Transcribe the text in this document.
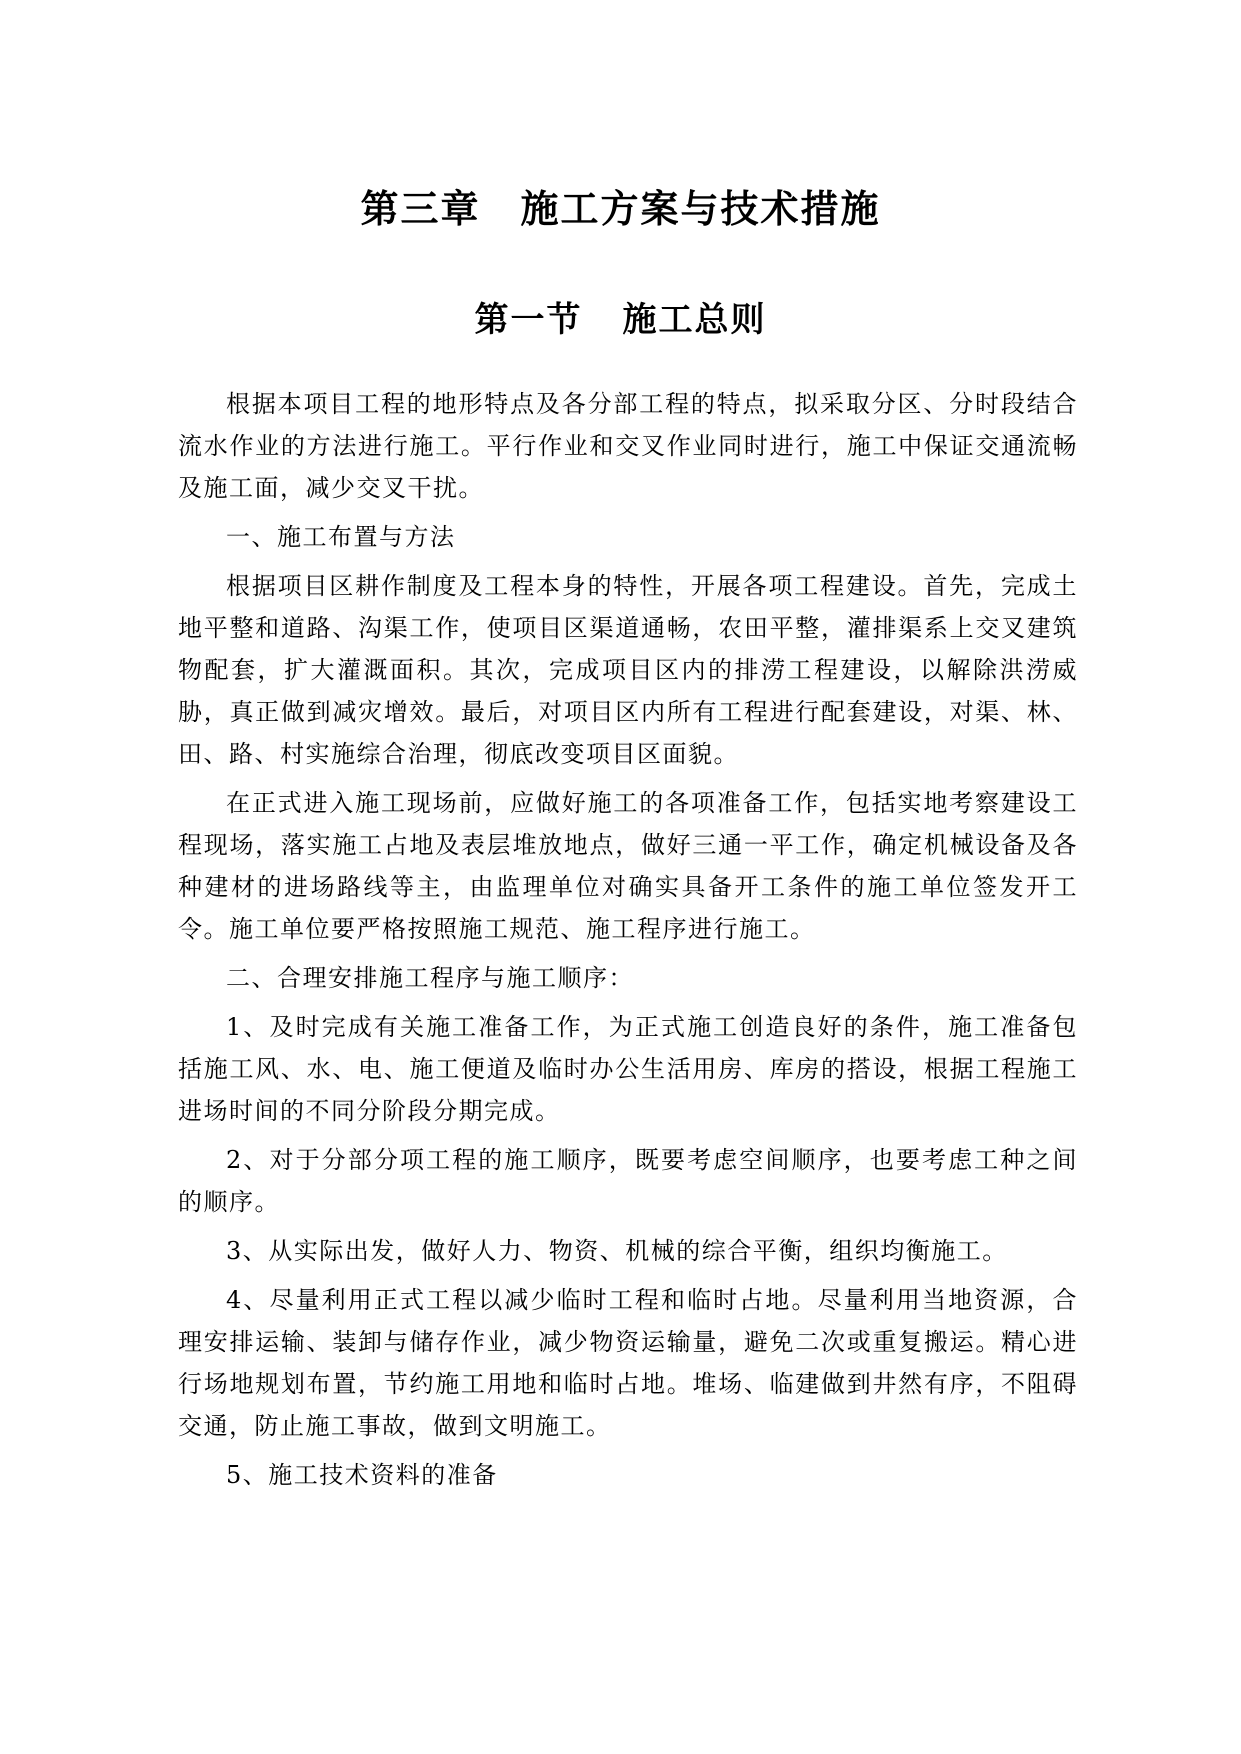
第三章 施工方案与技术措施
第一节 施工总则

根据本项目工程的地形特点及各分部工程的特点，拟采取分区、分时段结合流水作业的方法进行施工。平行作业和交叉作业同时进行，施工中保证交通流畅及施工面，减少交叉干扰。

一、施工布置与方法

根据项目区耕作制度及工程本身的特性，开展各项工程建设。首先，完成土地平整和道路、沟渠工作，使项目区渠道通畅，农田平整，灌排渠系上交叉建筑物配套，扩大灌溉面积。其次，完成项目区内的排涝工程建设，以解除洪涝威胁，真正做到减灾增效。最后，对项目区内所有工程进行配套建设，对渠、林、田、路、村实施综合治理，彻底改变项目区面貌。

在正式进入施工现场前，应做好施工的各项准备工作，包括实地考察建设工程现场，落实施工占地及表层堆放地点，做好三通一平工作，确定机械设备及各种建材的进场路线等主，由监理单位对确实具备开工条件的施工单位签发开工令。施工单位要严格按照施工规范、施工程序进行施工。

二、合理安排施工程序与施工顺序：

1、及时完成有关施工准备工作，为正式施工创造良好的条件，施工准备包括施工风、水、电、施工便道及临时办公生活用房、库房的搭设，根据工程施工进场时间的不同分阶段分期完成。

2、对于分部分项工程的施工顺序，既要考虑空间顺序，也要考虑工种之间的顺序。

3、从实际出发，做好人力、物资、机械的综合平衡，组织均衡施工。

4、尽量利用正式工程以减少临时工程和临时占地。尽量利用当地资源，合理安排运输、装卸与储存作业，减少物资运输量，避免二次或重复搬运。精心进行场地规划布置，节约施工用地和临时占地。堆场、临建做到井然有序，不阻碍交通，防止施工事故，做到文明施工。

5、施工技术资料的准备
